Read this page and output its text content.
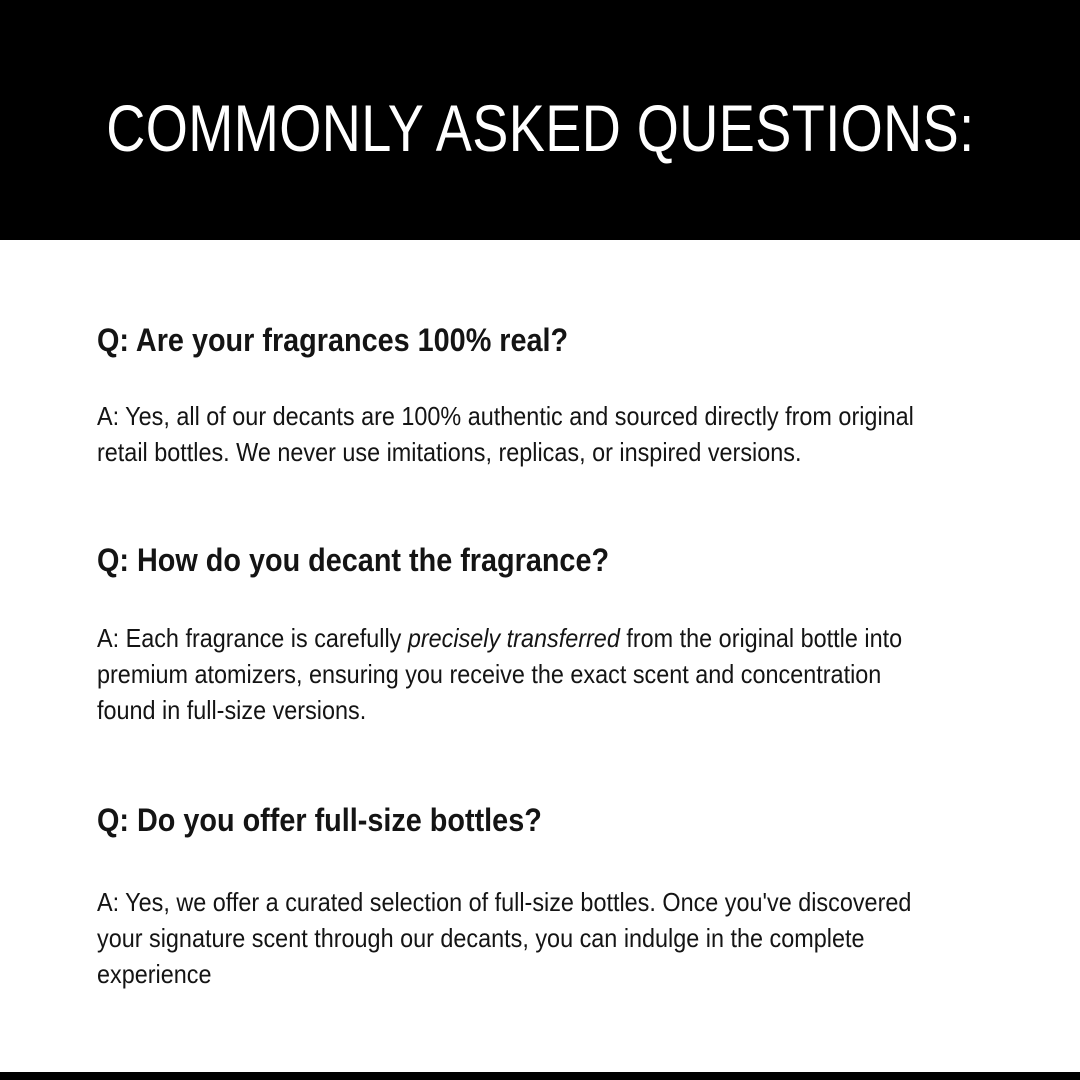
COMMONLY ASKED QUESTIONS:
Q: Are your fragrances 100% real?
A: Yes, all of our decants are 100% authentic and sourced directly from original
retail bottles. We never use imitations, replicas, or inspired versions.
Q: How do you decant the fragrance?
A: Each fragrance is carefully precisely transferred from the original bottle into
premium atomizers, ensuring you receive the exact scent and concentration
found in full-size versions.
Q: Do you offer full-size bottles?
A: Yes, we offer a curated selection of full-size bottles. Once you've discovered
your signature scent through our decants, you can indulge in the complete
experience
